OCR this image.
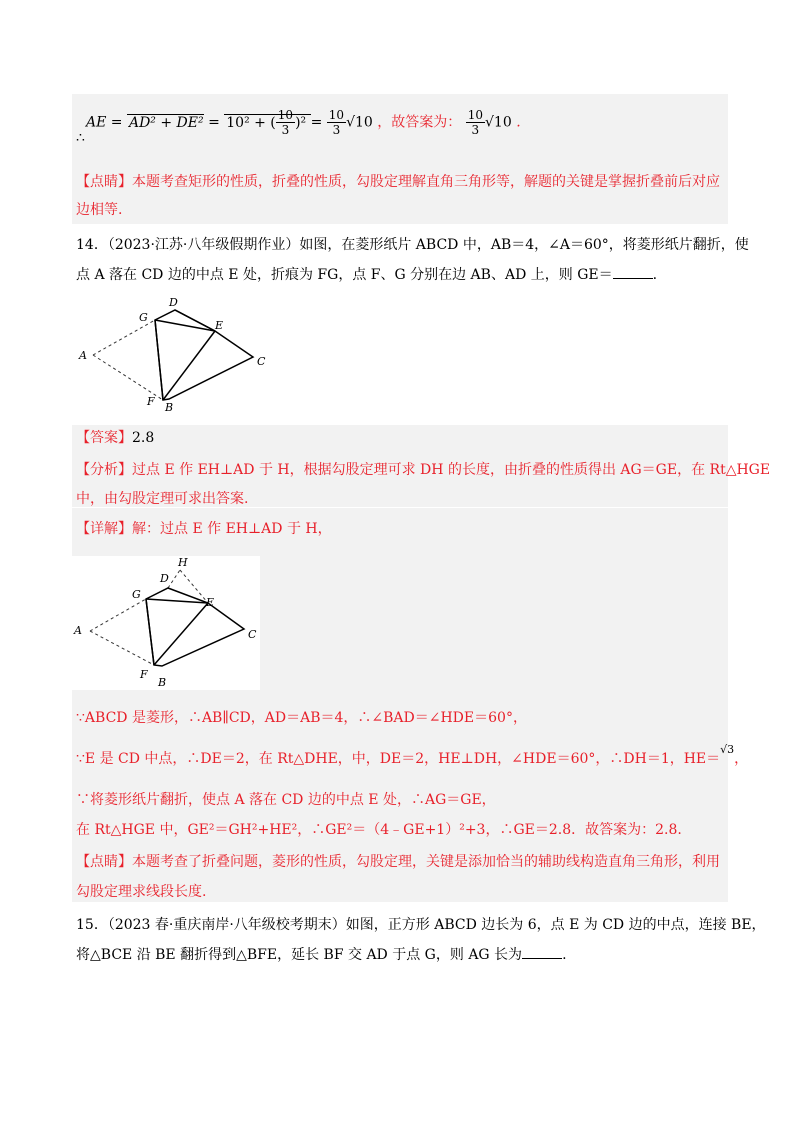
∴
AE = AD² + DE² = 10² + ( $\frac{10}{3} )^2 = \frac{10}{3} √10$ ，故答案为： $\frac{10}{3} √10$ .
【点睛】本题考查矩形的性质，折叠的性质，勾股定理解直角三角形等，解题的关键是掌握折叠前后对应
边相等.
14．（2023·江苏·八年级假期作业）如图，在菱形纸片 ABCD 中，AB＝4，∠A＝60°，将菱形纸片翻折，使
点 A 落在 CD 边的中点 E 处，折痕为 FG，点 F、G 分别在边 AB、AD 上，则 GE＝	.
A
G
D
E
C
F B
【答案】2.8
【分析】过点 E 作 EH⊥AD 于 H，根据勾股定理可求 DH 的长度，由折叠的性质得出 AG＝GE，在 Rt△HGE
中，由勾股定理可求出答案.
【详解】解：过点 E 作 EH⊥AD 于 H，
A
G
D
H
E
C
F
B
∵ABCD 是菱形，∴AB∥CD，AD＝AB＝4，∴∠BAD＝∠HDE＝60°，
∵E 是 CD 中点，∴DE＝2，在 Rt△DHE，中，DE＝2，HE⊥DH，∠HDE＝60°，∴DH＝1，HE＝$^{√3}$，
∵将菱形纸片翻折，使点 A 落在 CD 边的中点 E 处，∴AG＝GE，
在 Rt△HGE 中，GE²＝GH²+HE²，∴GE²＝（4﹣GE+1）²+3，∴GE＝2.8．故答案为：2.8.
【点睛】本题考查了折叠问题，菱形的性质，勾股定理，关键是添加恰当的辅助线构造直角三角形，利用
勾股定理求线段长度.
15．（2023 春·重庆南岸·八年级校考期末）如图，正方形 ABCD 边长为 6，点 E 为 CD 边的中点，连接 BE，
将△BCE 沿 BE 翻折得到△BFE，延长 BF 交 AD 于点 G，则 AG 长为	.
